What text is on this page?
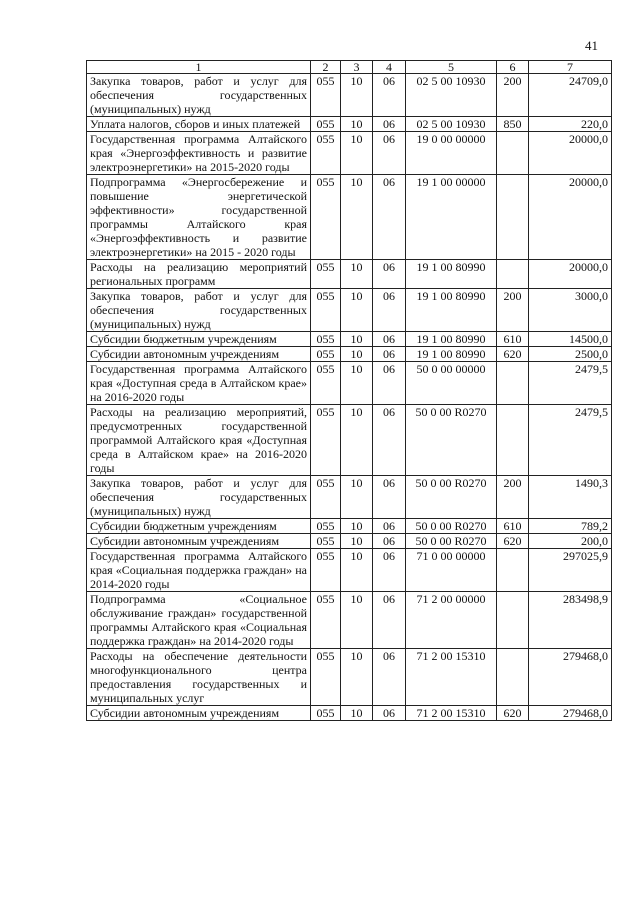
41
1	2	3	4	5	6	7
Закупка товаров, работ и услуг для обеспечения государственных (муниципальных) нужд	055	10	06	02 5 00 10930	200	24709,0
Уплата налогов, сборов и иных платежей	055	10	06	02 5 00 10930	850	220,0
Государственная программа Алтайского края «Энергоэффективность и развитие электроэнергетики» на 2015-2020 годы	055	10	06	19 0 00 00000		20000,0
Подпрограмма «Энергосбережение и повышение энергетической эффективности» государственной программы Алтайского края «Энергоэффективность и развитие электроэнергетики» на 2015 - 2020 годы	055	10	06	19 1 00 00000		20000,0
Расходы на реализацию мероприятий региональных программ	055	10	06	19 1 00 80990		20000,0
Закупка товаров, работ и услуг для обеспечения государственных (муниципальных) нужд	055	10	06	19 1 00 80990	200	3000,0
Субсидии бюджетным учреждениям	055	10	06	19 1 00 80990	610	14500,0
Субсидии автономным учреждениям	055	10	06	19 1 00 80990	620	2500,0
Государственная программа Алтайского края «Доступная среда в Алтайском крае» на 2016-2020 годы	055	10	06	50 0 00 00000		2479,5
Расходы на реализацию мероприятий, предусмотренных государственной программой Алтайского края «Доступная среда в Алтайском крае» на 2016-2020 годы	055	10	06	50 0 00 R0270		2479,5
Закупка товаров, работ и услуг для обеспечения государственных (муниципальных) нужд	055	10	06	50 0 00 R0270	200	1490,3
Субсидии бюджетным учреждениям	055	10	06	50 0 00 R0270	610	789,2
Субсидии автономным учреждениям	055	10	06	50 0 00 R0270	620	200,0
Государственная программа Алтайского края «Социальная поддержка граждан» на 2014-2020 годы	055	10	06	71 0 00 00000		297025,9
Подпрограмма «Социальное обслуживание граждан» государственной программы Алтайского края «Социальная поддержка граждан» на 2014-2020 годы	055	10	06	71 2 00 00000		283498,9
Расходы на обеспечение деятельности многофункционального центра предоставления государственных и муниципальных услуг	055	10	06	71 2 00 15310		279468,0
Субсидии автономным учреждениям	055	10	06	71 2 00 15310	620	279468,0
